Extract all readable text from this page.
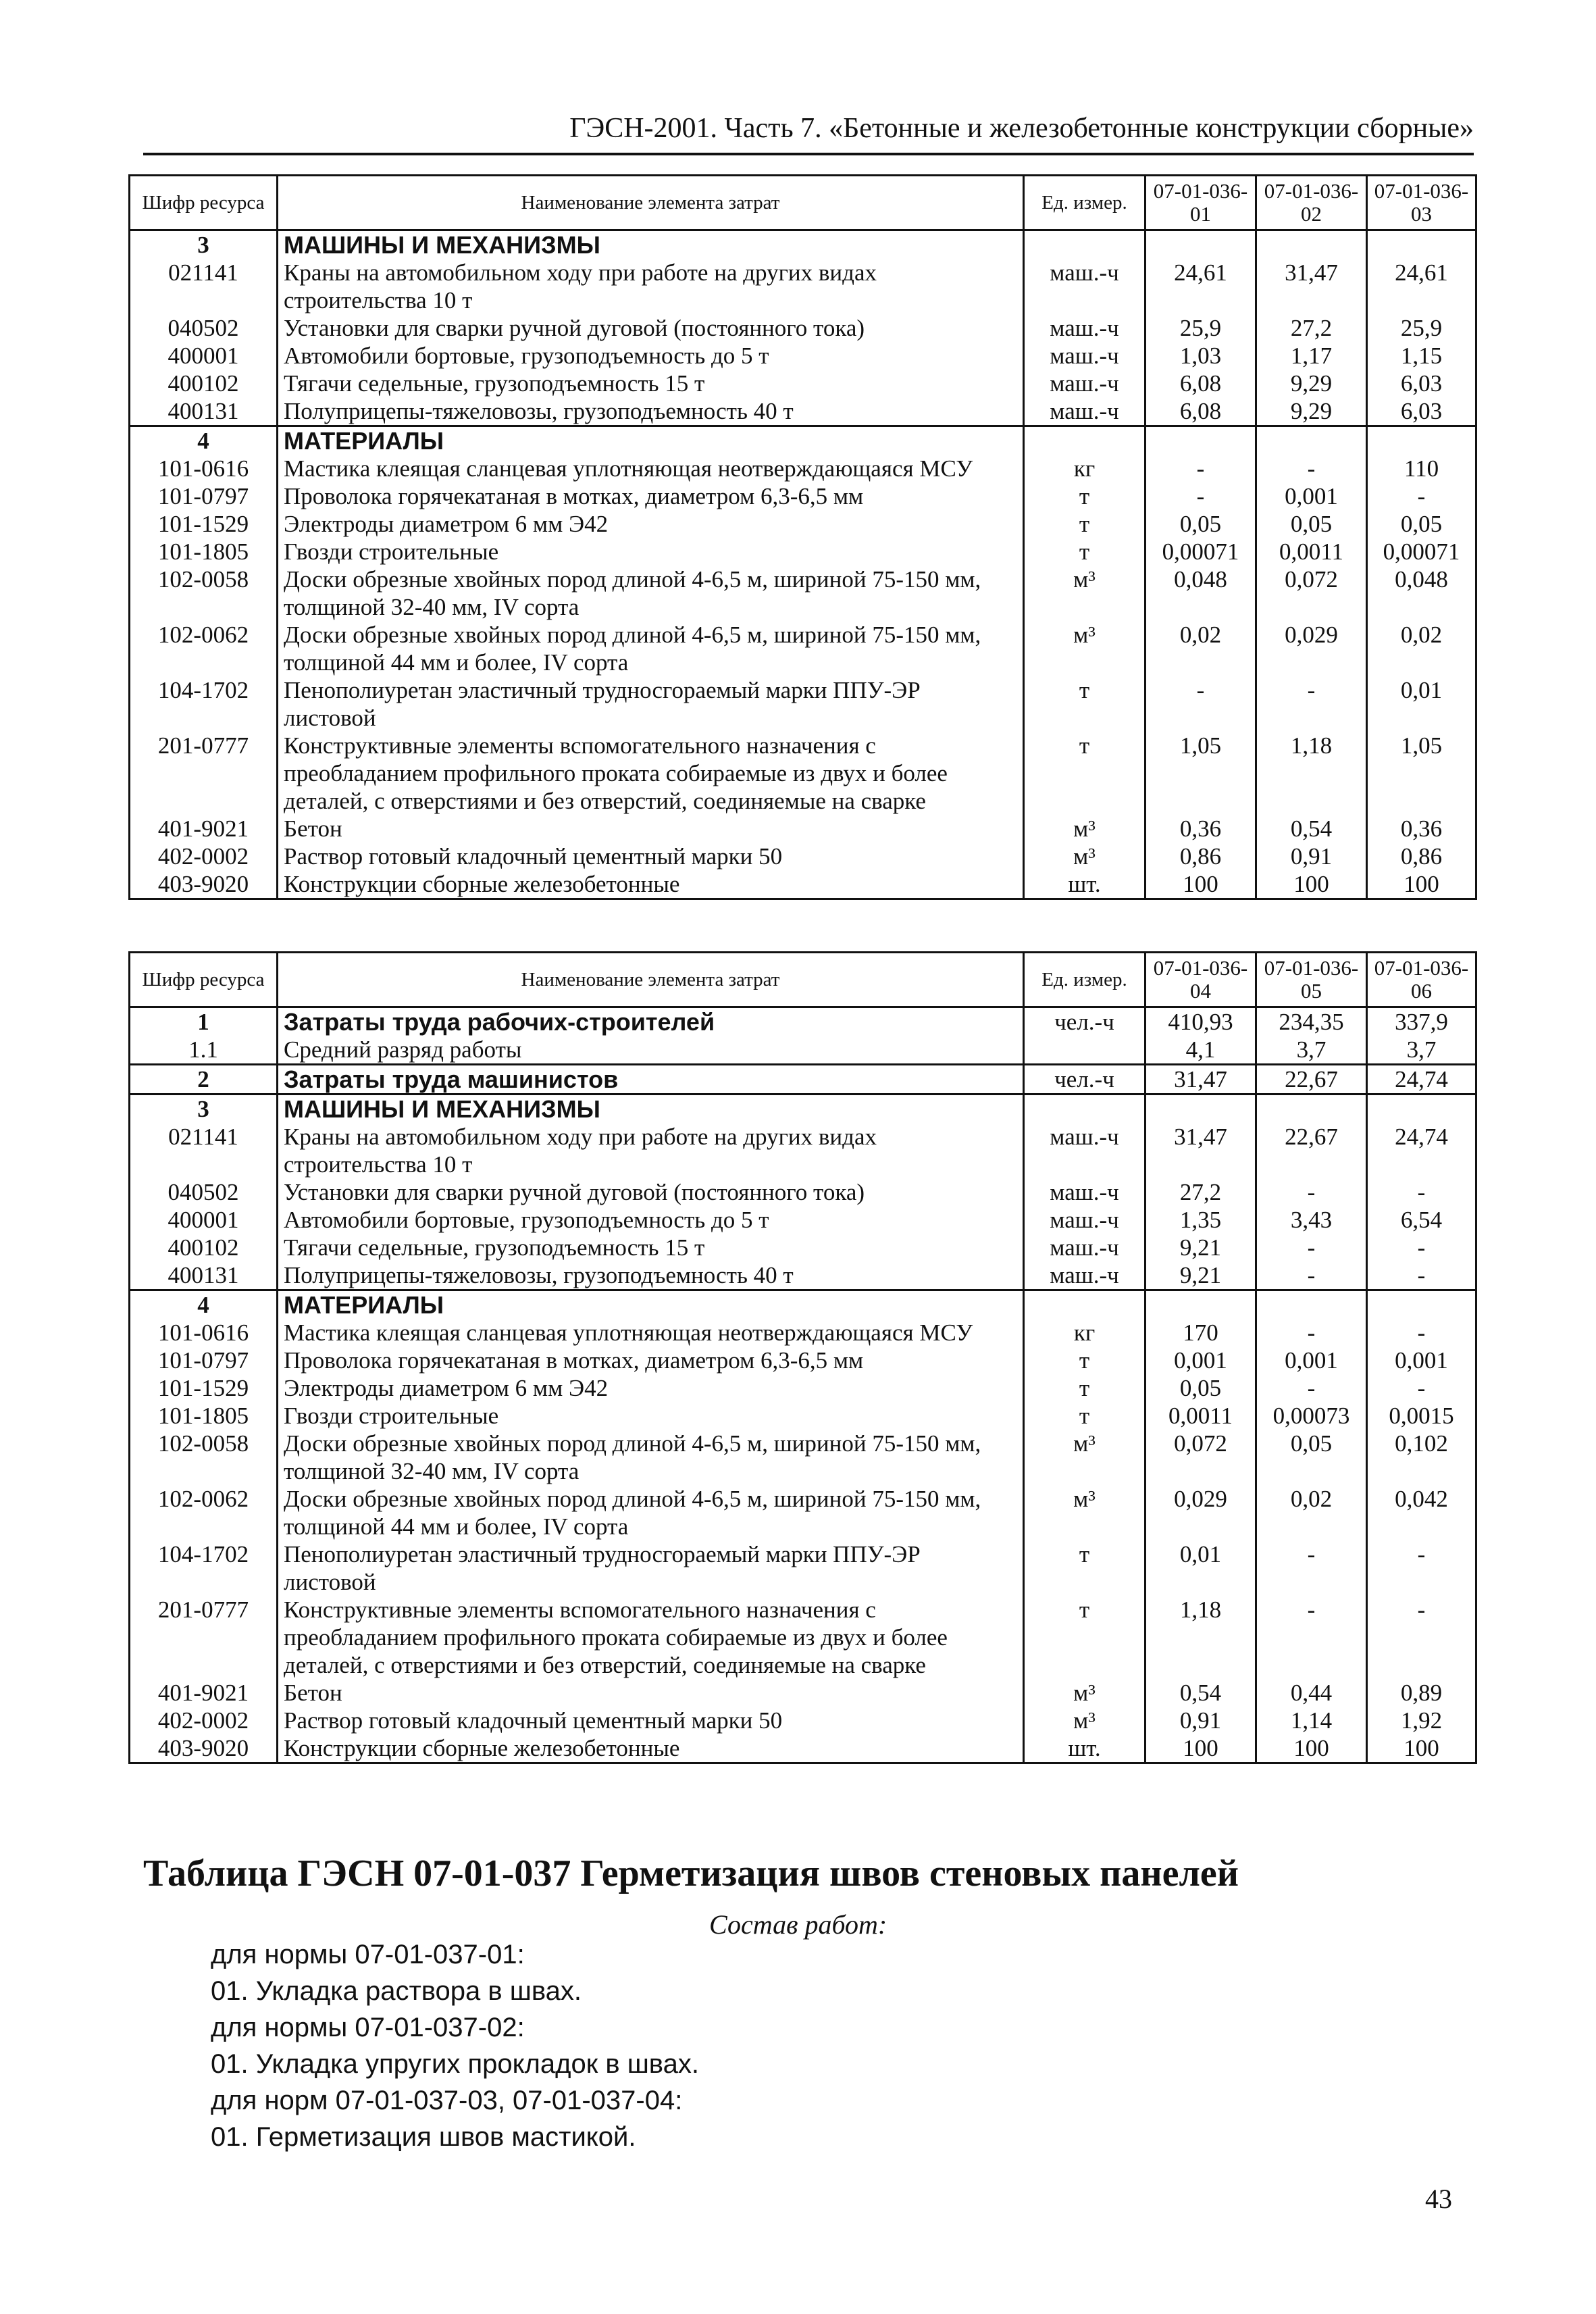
ГЭСН-2001. Часть 7. «Бетонные и железобетонные конструкции сборные»
Шифр ресурса	Наименование элемента затрат	Ед. измер.	07-01-036-01	07-01-036-02	07-01-036-03
3	МАШИНЫ И МЕХАНИЗМЫ				
021141	Краны на автомобильном ходу при работе на других видах строительства 10 т	маш.-ч	24,61	31,47	24,61
040502	Установки для сварки ручной дуговой (постоянного тока)	маш.-ч	25,9	27,2	25,9
400001	Автомобили бортовые, грузоподъемность до 5 т	маш.-ч	1,03	1,17	1,15
400102	Тягачи седельные, грузоподъемность 15 т	маш.-ч	6,08	9,29	6,03
400131	Полуприцепы-тяжеловозы, грузоподъемность 40 т	маш.-ч	6,08	9,29	6,03
4	МАТЕРИАЛЫ				
101-0616	Мастика клеящая сланцевая уплотняющая неотверждающаяся МСУ	кг	-	-	110
101-0797	Проволока горячекатаная в мотках, диаметром 6,3-6,5 мм	т	-	0,001	-
101-1529	Электроды диаметром 6 мм Э42	т	0,05	0,05	0,05
101-1805	Гвозди строительные	т	0,00071	0,0011	0,00071
102-0058	Доски обрезные хвойных пород длиной 4-6,5 м, шириной 75-150 мм, толщиной 32-40 мм, IV сорта	м³	0,048	0,072	0,048
102-0062	Доски обрезные хвойных пород длиной 4-6,5 м, шириной 75-150 мм, толщиной 44 мм и более, IV сорта	м³	0,02	0,029	0,02
104-1702	Пенополиуретан эластичный трудносгораемый марки ППУ-ЭР листовой	т	-	-	0,01
201-0777	Конструктивные элементы вспомогательного назначения с преобладанием профильного проката собираемые из двух и более деталей, с отверстиями и без отверстий, соединяемые на сварке	т	1,05	1,18	1,05
401-9021	Бетон	м³	0,36	0,54	0,36
402-0002	Раствор готовый кладочный цементный марки 50	м³	0,86	0,91	0,86
403-9020	Конструкции сборные железобетонные	шт.	100	100	100
Шифр ресурса	Наименование элемента затрат	Ед. измер.	07-01-036-04	07-01-036-05	07-01-036-06
1	Затраты труда рабочих-строителей	чел.-ч	410,93	234,35	337,9
1.1	Средний разряд работы		4,1	3,7	3,7
2	Затраты труда машинистов	чел.-ч	31,47	22,67	24,74
3	МАШИНЫ И МЕХАНИЗМЫ				
021141	Краны на автомобильном ходу при работе на других видах строительства 10 т	маш.-ч	31,47	22,67	24,74
040502	Установки для сварки ручной дуговой (постоянного тока)	маш.-ч	27,2	-	-
400001	Автомобили бортовые, грузоподъемность до 5 т	маш.-ч	1,35	3,43	6,54
400102	Тягачи седельные, грузоподъемность 15 т	маш.-ч	9,21	-	-
400131	Полуприцепы-тяжеловозы, грузоподъемность 40 т	маш.-ч	9,21	-	-
4	МАТЕРИАЛЫ				
101-0616	Мастика клеящая сланцевая уплотняющая неотверждающаяся МСУ	кг	170	-	-
101-0797	Проволока горячекатаная в мотках, диаметром 6,3-6,5 мм	т	0,001	0,001	0,001
101-1529	Электроды диаметром 6 мм Э42	т	0,05	-	-
101-1805	Гвозди строительные	т	0,0011	0,00073	0,0015
102-0058	Доски обрезные хвойных пород длиной 4-6,5 м, шириной 75-150 мм, толщиной 32-40 мм, IV сорта	м³	0,072	0,05	0,102
102-0062	Доски обрезные хвойных пород длиной 4-6,5 м, шириной 75-150 мм, толщиной 44 мм и более, IV сорта	м³	0,029	0,02	0,042
104-1702	Пенополиуретан эластичный трудносгораемый марки ППУ-ЭР листовой	т	0,01	-	-
201-0777	Конструктивные элементы вспомогательного назначения с преобладанием профильного проката собираемые из двух и более деталей, с отверстиями и без отверстий, соединяемые на сварке	т	1,18	-	-
401-9021	Бетон	м³	0,54	0,44	0,89
402-0002	Раствор готовый кладочный цементный марки 50	м³	0,91	1,14	1,92
403-9020	Конструкции сборные железобетонные	шт.	100	100	100
Таблица ГЭСН 07-01-037 Герметизация швов стеновых панелей
Состав работ:
для нормы 07-01-037-01:
01. Укладка раствора в швах.
для нормы 07-01-037-02:
01. Укладка упругих прокладок в швах.
для норм 07-01-037-03, 07-01-037-04:
01. Герметизация швов мастикой.
43
